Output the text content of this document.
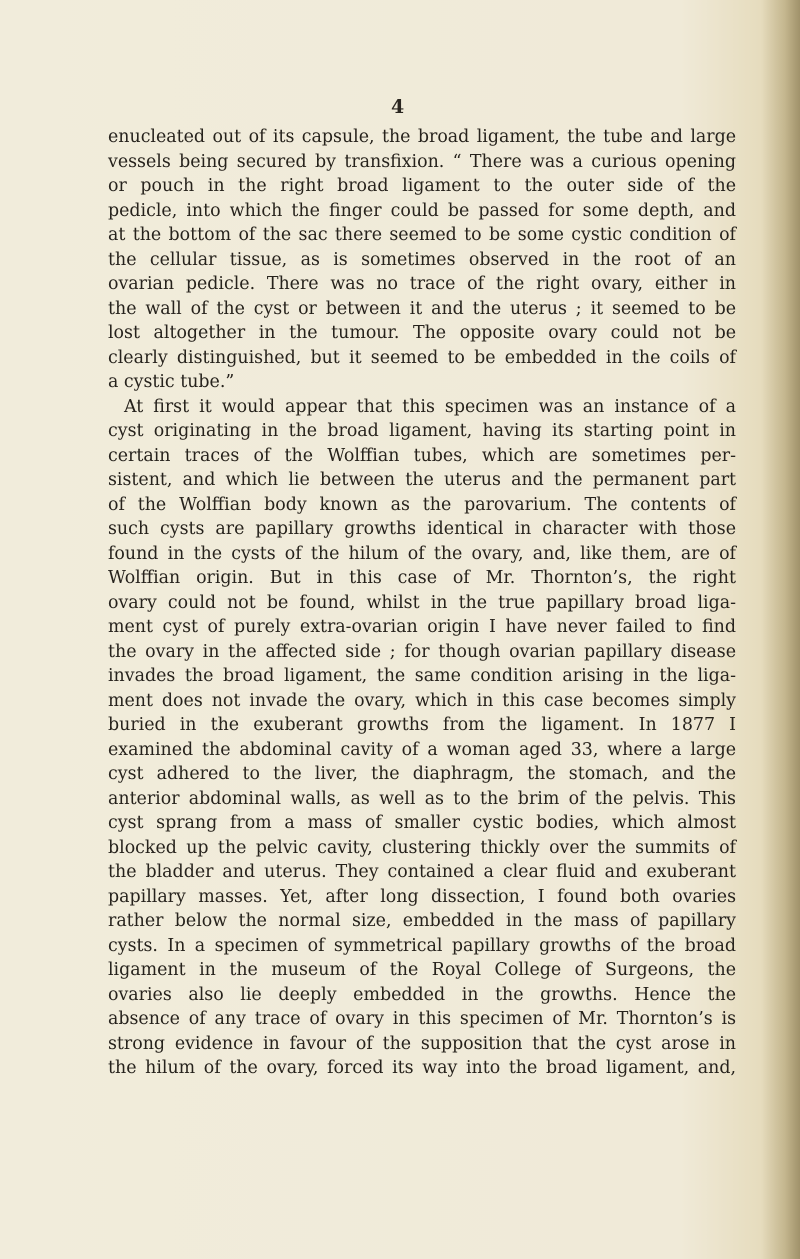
4
enucleated out of its capsule, the broad ligament, the tube and large
vessels being secured by transfixion. “ There was a curious opening
or pouch in the right broad ligament to the outer side of the
pedicle, into which the finger could be passed for some depth, and
at the bottom of the sac there seemed to be some cystic condition of
the cellular tissue, as is sometimes observed in the root of an
ovarian pedicle. There was no trace of the right ovary, either in
the wall of the cyst or between it and the uterus ; it seemed to be
lost altogether in the tumour. The opposite ovary could not be
clearly distinguished, but it seemed to be embedded in the coils of
a cystic tube.”
At first it would appear that this specimen was an instance of a
cyst originating in the broad ligament, having its starting point in
certain traces of the Wolffian tubes, which are sometimes per-
sistent, and which lie between the uterus and the permanent part
of the Wolffian body known as the parovarium. The contents of
such cysts are papillary growths identical in character with those
found in the cysts of the hilum of the ovary, and, like them, are of
Wolffian origin. But in this case of Mr. Thornton’s, the right
ovary could not be found, whilst in the true papillary broad liga-
ment cyst of purely extra-ovarian origin I have never failed to find
the ovary in the affected side ; for though ovarian papillary disease
invades the broad ligament, the same condition arising in the liga-
ment does not invade the ovary, which in this case becomes simply
buried in the exuberant growths from the ligament. In 1877 I
examined the abdominal cavity of a woman aged 33, where a large
cyst adhered to the liver, the diaphragm, the stomach, and the
anterior abdominal walls, as well as to the brim of the pelvis. This
cyst sprang from a mass of smaller cystic bodies, which almost
blocked up the pelvic cavity, clustering thickly over the summits of
the bladder and uterus. They contained a clear fluid and exuberant
papillary masses. Yet, after long dissection, I found both ovaries
rather below the normal size, embedded in the mass of papillary
cysts. In a specimen of symmetrical papillary growths of the broad
ligament in the museum of the Royal College of Surgeons, the
ovaries also lie deeply embedded in the growths. Hence the
absence of any trace of ovary in this specimen of Mr. Thornton’s is
strong evidence in favour of the supposition that the cyst arose in
the hilum of the ovary, forced its way into the broad ligament, and,
